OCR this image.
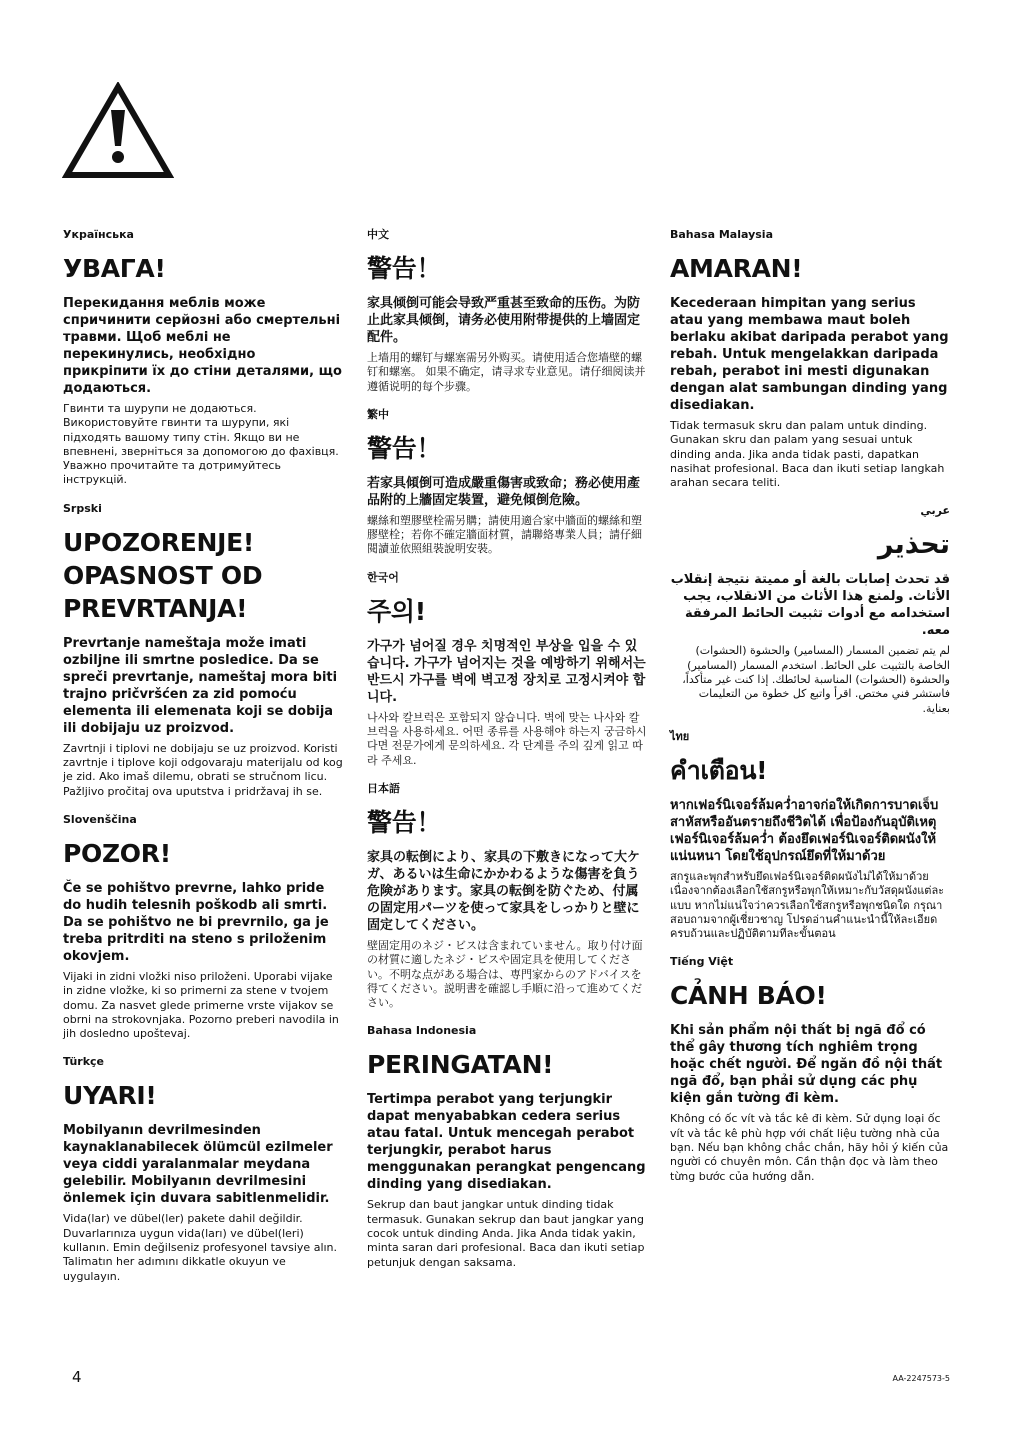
Українська
УВАГА!
Перекидання меблів може спричинити серйозні або смертельні травми. Щоб меблі не перекинулись, необхідно прикріпити їх до стіни деталями, що додаються.
Гвинти та шурупи не додаються. Використовуйте гвинти та шурупи, які підходять вашому типу стін. Якщо ви не впевнені, зверніться за допомогою до фахівця. Уважно прочитайте та дотримуйтесь інструкцій.
Srpski
UPOZORENJE! OPASNOST OD PREVRTANJA!
Prevrtanje nameštaja može imati ozbiljne ili smrtne posledice. Da se spreči prevrtanje, nameštaj mora biti trajno pričvršćen za zid pomoću elementa ili elemenata koji se dobija ili dobijaju uz proizvod.
Zavrtnji i tiplovi ne dobijaju se uz proizvod. Koristi zavrtnje i tiplove koji odgovaraju materijalu od kog je zid. Ako imaš dilemu, obrati se stručnom licu. Pažljivo pročitaj ova uputstva i pridržavaj ih se.
Slovenščina
POZOR!
Če se pohištvo prevrne, lahko pride do hudih telesnih poškodb ali smrti. Da se pohištvo ne bi prevrnilo, ga je treba pritrditi na steno s priloženim okovjem.
Vijaki in zidni vložki niso priloženi. Uporabi vijake in zidne vložke, ki so primerni za stene v tvojem domu. Za nasvet glede primerne vrste vijakov se obrni na strokovnjaka. Pozorno preberi navodila in jih dosledno upoštevaj.
Türkçe
UYARI!
Mobilyanın devrilmesinden kaynaklanabilecek ölümcül ezilmeler veya ciddi yaralanmalar meydana gelebilir. Mobilyanın devrilmesini önlemek için duvara sabitlenmelidir.
Vida(lar) ve dübel(ler) pakete dahil değildir. Duvarlarınıza uygun vida(ları) ve dübel(leri) kullanın. Emin değilseniz profesyonel tavsiye alın. Talimatın her adımını dikkatle okuyun ve uygulayın.
中文
警告！
家具倾倒可能会导致严重甚至致命的压伤。为防止此家具倾倒，请务必使用附带提供的上墙固定配件。
上墙用的螺钉与螺塞需另外购买。请使用适合您墙壁的螺钉和螺塞。 如果不确定，请寻求专业意见。请仔细阅读并遵循说明的每个步骤。
繁中
警告！
若家具傾倒可造成嚴重傷害或致命；務必使用產品附的上牆固定裝置，避免傾倒危險。
螺絲和塑膠壁栓需另購；請使用適合家中牆面的螺絲和塑膠壁栓；若你不確定牆面材質，請聯絡專業人員；請仔細閱讀並依照組裝說明安裝。
한국어
주의!
가구가 넘어질 경우 치명적인 부상을 입을 수 있습니다. 가구가 넘어지는 것을 예방하기 위해서는 반드시 가구를 벽에 벽고정 장치로 고정시켜야 합니다.
나사와 칼브럭은 포함되지 않습니다. 벽에 맞는 나사와 칼브럭을 사용하세요. 어떤 종류를 사용해야 하는지 궁금하시다면 전문가에게 문의하세요. 각 단계를 주의 깊게 읽고 따라 주세요.
日本語
警告！
家具の転倒により、家具の下敷きになって大ケガ、あるいは生命にかかわるような傷害を負う危険があります。家具の転倒を防ぐため、付属の固定用パーツを使って家具をしっかりと壁に固定してください。
壁固定用のネジ・ビスは含まれていません。取り付け面の材質に適したネジ・ビスや固定具を使用してください。不明な点がある場合は、専門家からのアドバイスを得てください。説明書を確認し手順に沿って進めてください。
Bahasa Indonesia
PERINGATAN!
Tertimpa perabot yang terjungkir dapat menyababkan cedera serius atau fatal. Untuk mencegah perabot terjungkir, perabot harus menggunakan perangkat pengencang dinding yang disediakan.
Sekrup dan baut jangkar untuk dinding tidak termasuk. Gunakan sekrup dan baut jangkar yang cocok untuk dinding Anda. Jika Anda tidak yakin, minta saran dari profesional. Baca dan ikuti setiap petunjuk dengan saksama.
Bahasa Malaysia
AMARAN!
Kecederaan himpitan yang serius atau yang membawa maut boleh berlaku akibat daripada perabot yang rebah. Untuk mengelakkan daripada rebah, perabot ini mesti digunakan dengan alat sambungan dinding yang disediakan.
Tidak termasuk skru dan palam untuk dinding. Gunakan skru dan palam yang sesuai untuk dinding anda. Jika anda tidak pasti, dapatkan nasihat profesional. Baca dan ikuti setiap langkah arahan secara teliti.
عربي
تحذير
قد تحدث إصابات بالغة أو مميتة نتيجة إنقلاب الأثاث. ولمنع هذا الأثاث من الانقلاب، يجب استخدامه مع أدوات تثبيت الحائط المرفقة معه.
لم يتم تضمين المسمار (المسامير) والحشوة (الحشوات) الخاصة بالتثبيت على الحائط. استخدم المسمار (المسامير) والحشوة (الحشوات) المناسبة لحائطك. إذا كنت غير متأكداً، فاستشر فني مختص. اقرأ واتبع كل خطوة من التعليمات بعناية.
ไทย
คำเตือน!
หากเฟอร์นิเจอร์ล้มคว่ำอาจก่อให้เกิดการบาดเจ็บสาหัสหรืออันตรายถึงชีวิตได้ เพื่อป้องกันอุบัติเหตุเฟอร์นิเจอร์ล้มคว่ำ ต้องยึดเฟอร์นิเจอร์ติดผนังให้แน่นหนา โดยใช้อุปกรณ์ยึดที่ให้มาด้วย
สกรูและพุกสำหรับยึดเฟอร์นิเจอร์ติดผนังไม่ได้ให้มาด้วย เนื่องจากต้องเลือกใช้สกรูหรือพุกให้เหมาะกับวัสดุผนังแต่ละแบบ หากไม่แน่ใจว่าควรเลือกใช้สกรูหรือพุกชนิดใด กรุณาสอบถามจากผู้เชี่ยวชาญ โปรดอ่านคำแนะนำนี้ให้ละเอียดครบถ้วนและปฏิบัติตามทีละขั้นตอน
Tiếng Việt
CẢNH BÁO!
Khi sản phẩm nội thất bị ngã đổ có thể gây thương tích nghiêm trọng hoặc chết người. Để ngăn đồ nội thất ngã đổ, bạn phải sử dụng các phụ kiện gắn tường đi kèm.
Không có ốc vít và tắc kê đi kèm. Sử dụng loại ốc vít và tắc kê phù hợp với chất liệu tường nhà của bạn. Nếu bạn không chắc chắn, hãy hỏi ý kiến của người có chuyên môn. Cần thận đọc và làm theo từng bước của hướng dẫn.
4	AA-2247573-5
